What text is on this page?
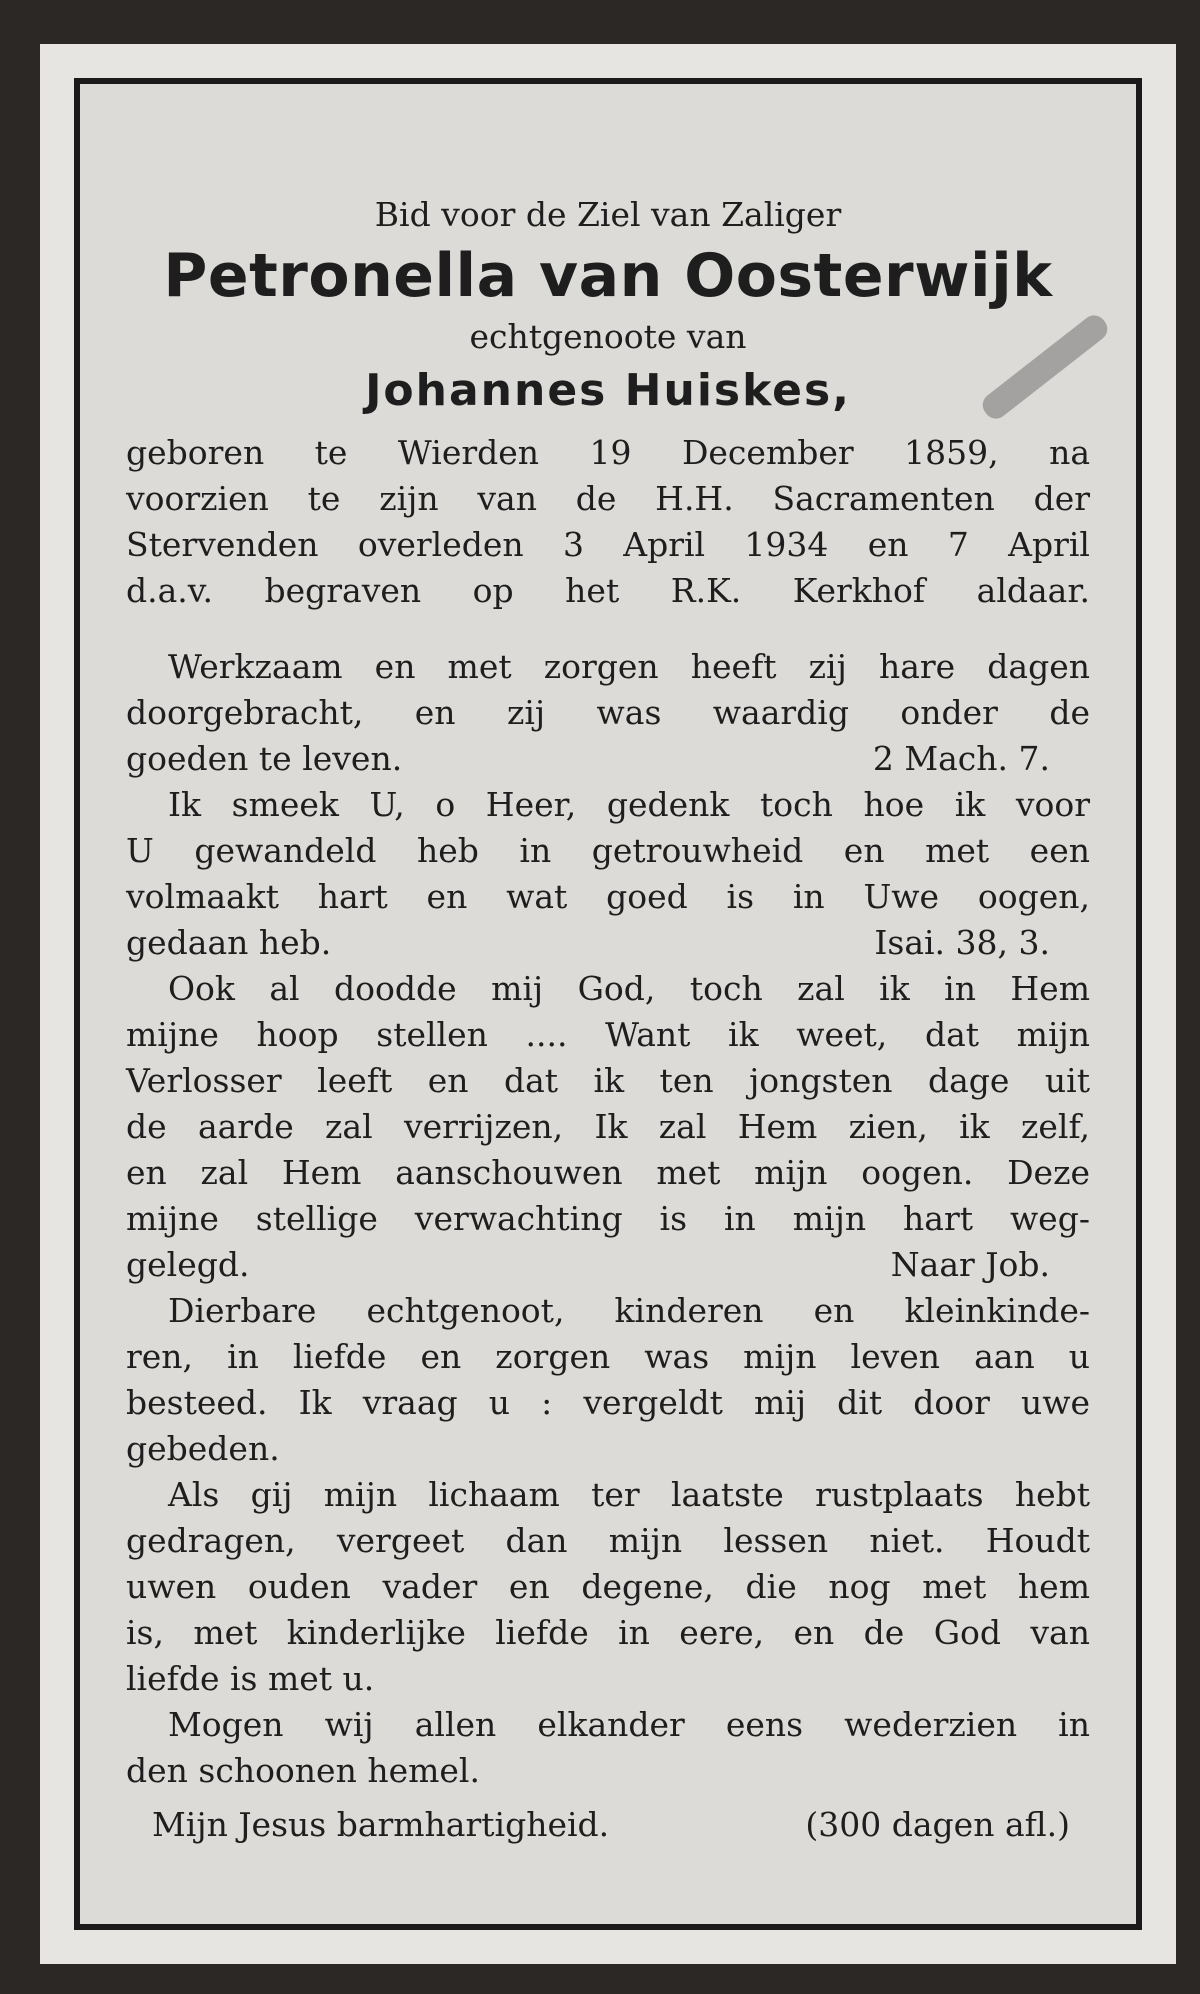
Bid voor de Ziel van Zaliger
Petronella van Oosterwijk
echtgenoote van
Johannes Huiskes,
geboren te Wierden 19 December 1859, na
voorzien te zijn van de H.H. Sacramenten der
Stervenden overleden 3 April 1934 en 7 April
d.a.v. begraven op het R.K. Kerkhof aldaar.
Werkzaam en met zorgen heeft zij hare dagen
doorgebracht, en zij was waardig onder de
goeden te leven.	2 Mach. 7.
Ik smeek U, o Heer, gedenk toch hoe ik voor
U gewandeld heb in getrouwheid en met een
volmaakt hart en wat goed is in Uwe oogen,
gedaan heb.	Isai. 38, 3.
Ook al doodde mij God, toch zal ik in Hem
mijne hoop stellen .... Want ik weet, dat mijn
Verlosser leeft en dat ik ten jongsten dage uit
de aarde zal verrijzen, Ik zal Hem zien, ik zelf,
en zal Hem aanschouwen met mijn oogen. Deze
mijne stellige verwachting is in mijn hart weg-
gelegd.	Naar Job.
Dierbare echtgenoot, kinderen en kleinkinde-
ren, in liefde en zorgen was mijn leven aan u
besteed. Ik vraag u : vergeldt mij dit door uwe
gebeden.
Als gij mijn lichaam ter laatste rustplaats hebt
gedragen, vergeet dan mijn lessen niet. Houdt
uwen ouden vader en degene, die nog met hem
is, met kinderlijke liefde in eere, en de God van
liefde is met u.
Mogen wij allen elkander eens wederzien in
den schoonen hemel.
Mijn Jesus barmhartigheid.	(300 dagen afl.)
